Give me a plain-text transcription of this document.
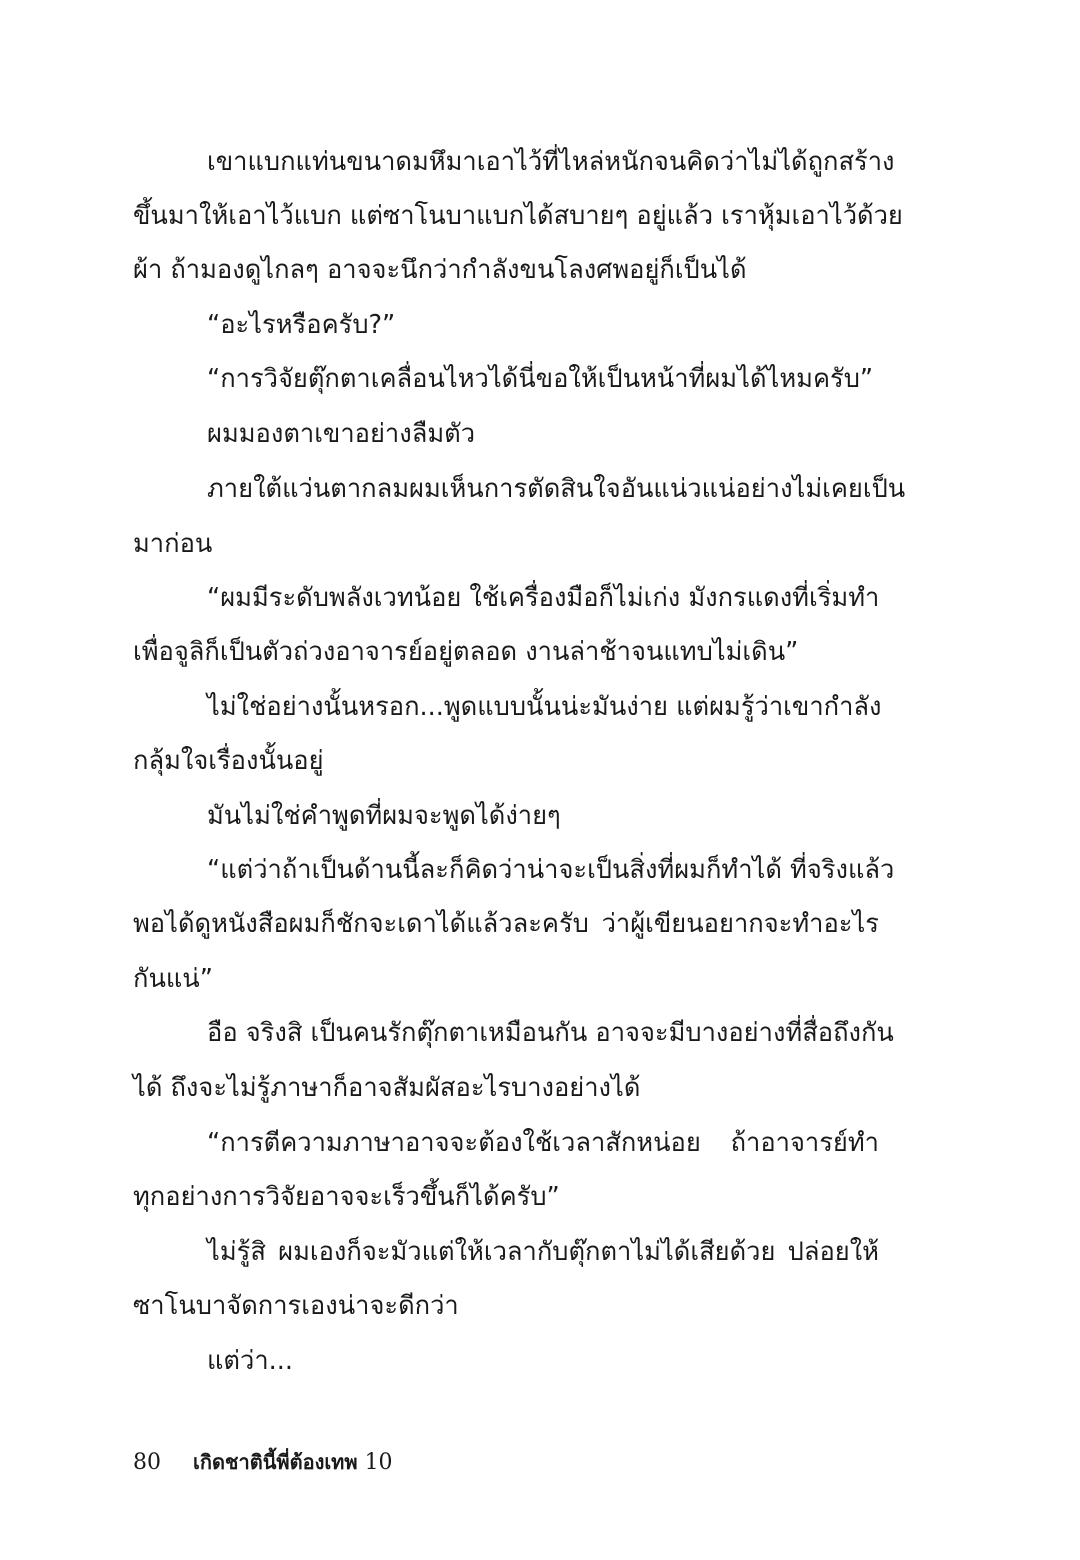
เขาแบกแท่นขนาดมหึมาเอาไว้ที่ไหล่หนักจนคิดว่าไม่ได้ถูกสร้าง
ขึ้นมาให้เอาไว้แบก แต่ซาโนบาแบกได้สบายๆ อยู่แล้ว เราหุ้มเอาไว้ด้วย
ผ้า ถ้ามองดูไกลๆ อาจจะนึกว่ากำลังขนโลงศพอยู่ก็เป็นได้
“อะไรหรือครับ?”
“การวิจัยตุ๊กตาเคลื่อนไหวได้นี่ขอให้เป็นหน้าที่ผมได้ไหมครับ”
ผมมองตาเขาอย่างลืมตัว
ภายใต้แว่นตากลมผมเห็นการตัดสินใจอันแน่วแน่อย่างไม่เคยเป็น
มาก่อน
“ผมมีระดับพลังเวทน้อย ใช้เครื่องมือก็ไม่เก่ง มังกรแดงที่เริ่มทำ
เพื่อจูลิก็เป็นตัวถ่วงอาจารย์อยู่ตลอด งานล่าช้าจนแทบไม่เดิน”
ไม่ใช่อย่างนั้นหรอก...พูดแบบนั้นน่ะมันง่าย แต่ผมรู้ว่าเขากำลัง
กลุ้มใจเรื่องนั้นอยู่
มันไม่ใช่คำพูดที่ผมจะพูดได้ง่ายๆ
“แต่ว่าถ้าเป็นด้านนี้ละก็คิดว่าน่าจะเป็นสิ่งที่ผมก็ทำได้ ที่จริงแล้ว
พอได้ดูหนังสือผมก็ชักจะเดาได้แล้วละครับ ว่าผู้เขียนอยากจะทำอะไร
กันแน่”
อือ จริงสิ เป็นคนรักตุ๊กตาเหมือนกัน อาจจะมีบางอย่างที่สื่อถึงกัน
ได้ ถึงจะไม่รู้ภาษาก็อาจสัมผัสอะไรบางอย่างได้
“การตีความภาษาอาจจะต้องใช้เวลาสักหน่อย ถ้าอาจารย์ทำ
ทุกอย่างการวิจัยอาจจะเร็วขึ้นก็ได้ครับ”
ไม่รู้สิ ผมเองก็จะมัวแต่ให้เวลากับตุ๊กตาไม่ได้เสียด้วย ปล่อยให้
ซาโนบาจัดการเองน่าจะดีกว่า
แต่ว่า...
80 เกิดชาตินี้พี่ต้องเทพ 10
